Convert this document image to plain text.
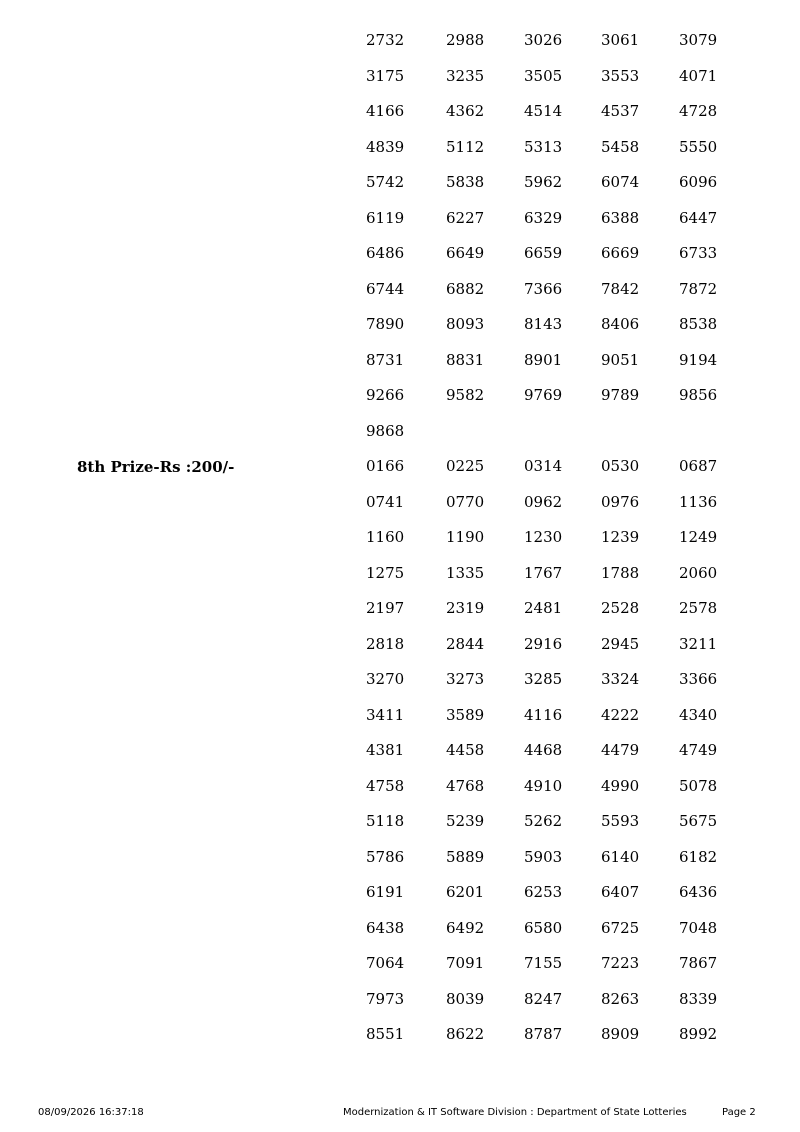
8th Prize-Rs :200/-
2732	2988	3026	3061	3079
3175	3235	3505	3553	4071
4166	4362	4514	4537	4728
4839	5112	5313	5458	5550
5742	5838	5962	6074	6096
6119	6227	6329	6388	6447
6486	6649	6659	6669	6733
6744	6882	7366	7842	7872
7890	8093	8143	8406	8538
8731	8831	8901	9051	9194
9266	9582	9769	9789	9856
9868
0166	0225	0314	0530	0687
0741	0770	0962	0976	1136
1160	1190	1230	1239	1249
1275	1335	1767	1788	2060
2197	2319	2481	2528	2578
2818	2844	2916	2945	3211
3270	3273	3285	3324	3366
3411	3589	4116	4222	4340
4381	4458	4468	4479	4749
4758	4768	4910	4990	5078
5118	5239	5262	5593	5675
5786	5889	5903	6140	6182
6191	6201	6253	6407	6436
6438	6492	6580	6725	7048
7064	7091	7155	7223	7867
7973	8039	8247	8263	8339
8551	8622	8787	8909	8992
08/09/2026 16:37:18	Modernization & IT Software Division : Department of State Lotteries	Page 2
